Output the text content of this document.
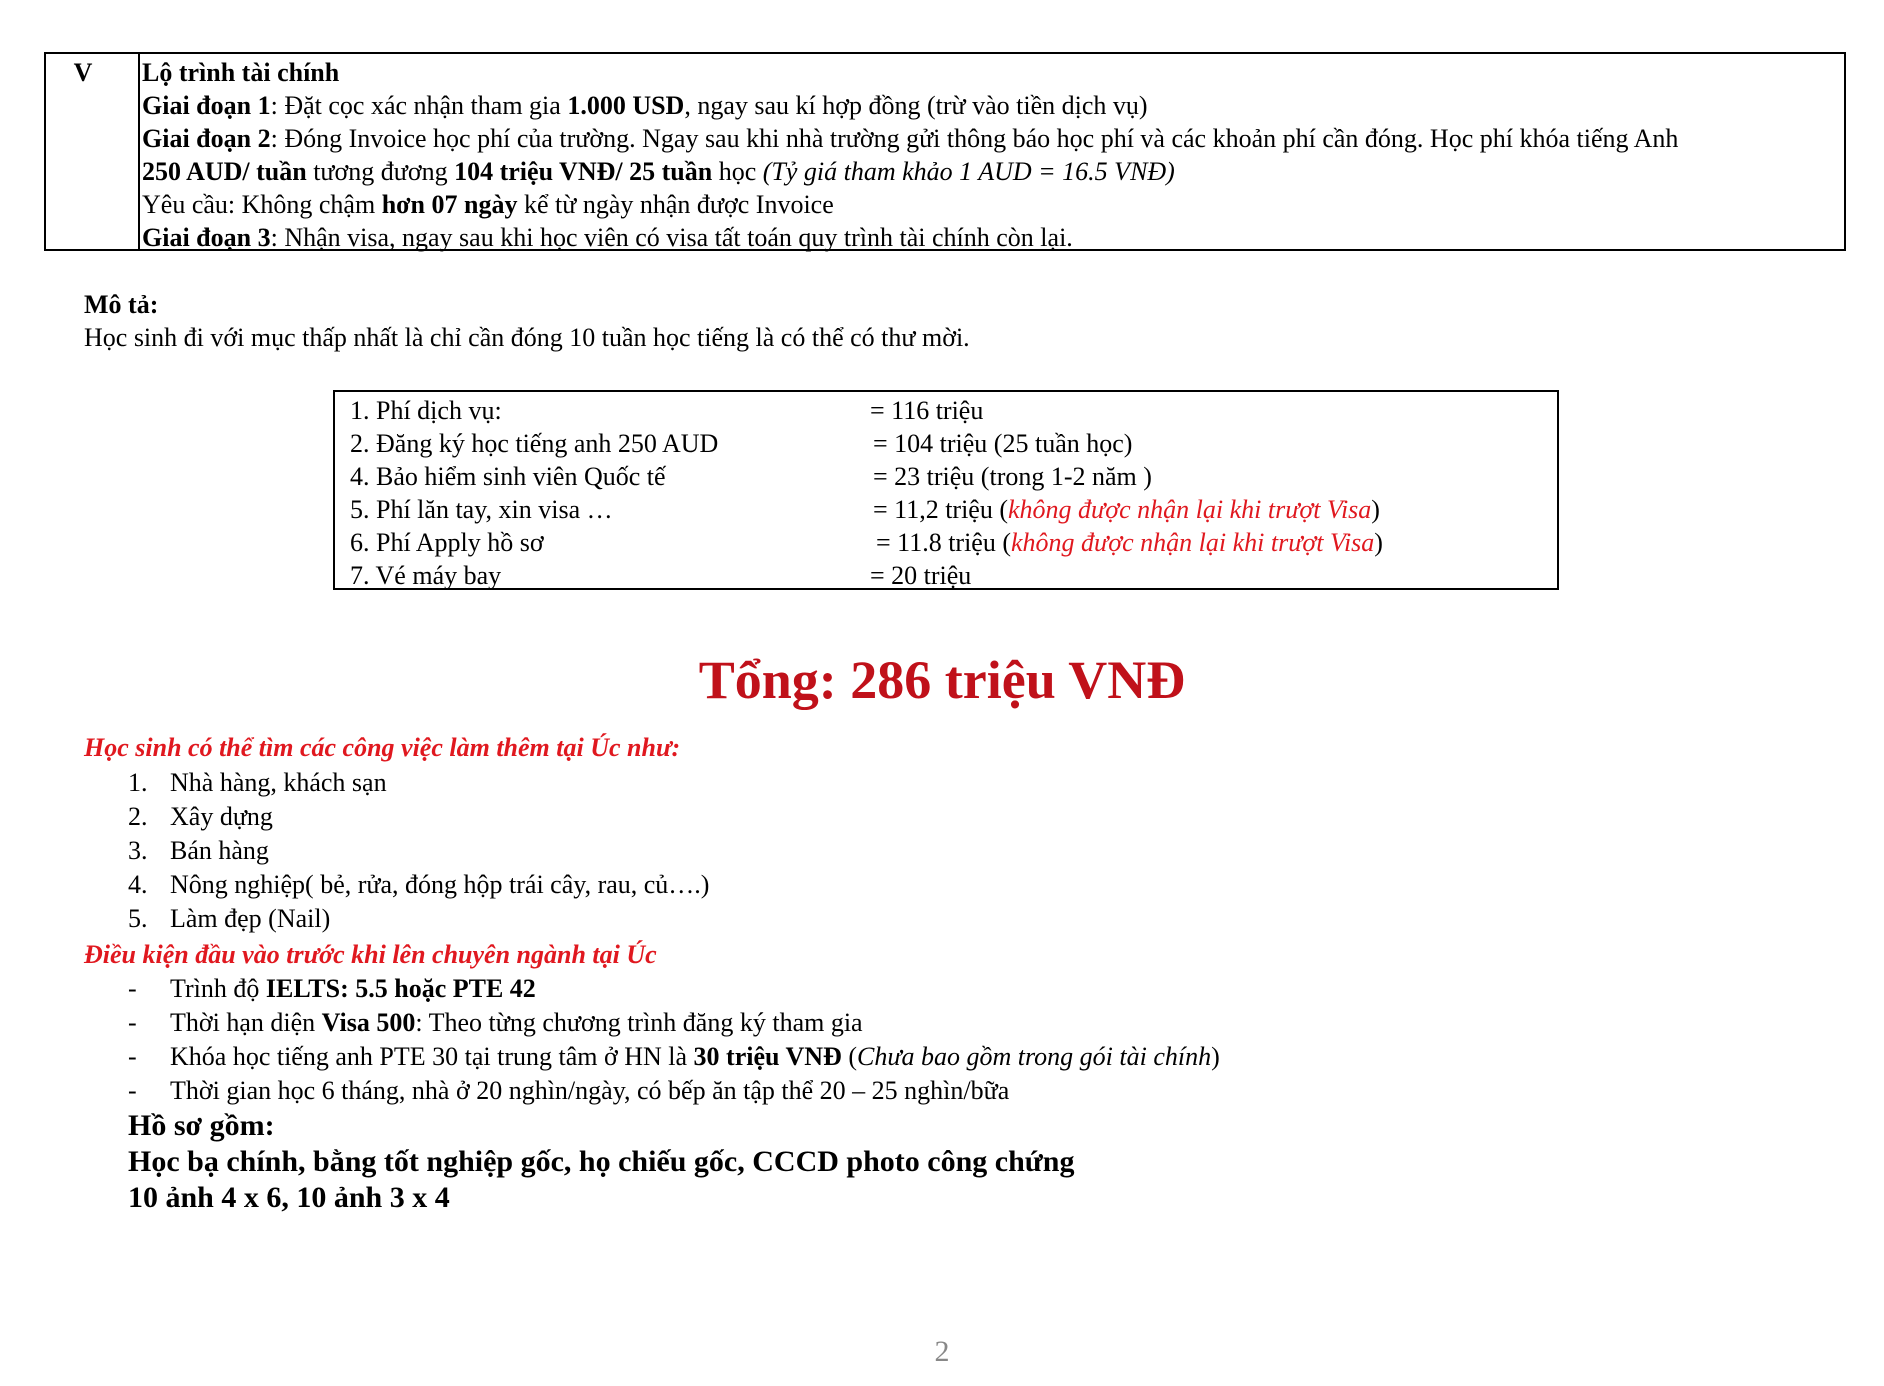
V	Lộ trình tài chính
Giai đoạn 1: Đặt cọc xác nhận tham gia 1.000 USD, ngay sau kí hợp đồng (trừ vào tiền dịch vụ)
Giai đoạn 2: Đóng Invoice học phí của trường. Ngay sau khi nhà trường gửi thông báo học phí và các khoản phí cần đóng. Học phí khóa tiếng Anh
250 AUD/ tuần tương đương 104 triệu VNĐ/ 25 tuần học (Tỷ giá tham khảo 1 AUD = 16.5 VNĐ)
Yêu cầu: Không chậm hơn 07 ngày kể từ ngày nhận được Invoice
Giai đoạn 3: Nhận visa, ngay sau khi học viên có visa tất toán quy trình tài chính còn lại.
Mô tả:
Học sinh đi với mục thấp nhất là chỉ cần đóng 10 tuần học tiếng là có thể có thư mời.
1. Phí dịch vụ:	= 116 triệu
2. Đăng ký học tiếng anh 250 AUD	= 104 triệu (25 tuần học)
4. Bảo hiểm sinh viên Quốc tế	= 23 triệu (trong 1-2 năm )
5. Phí lăn tay, xin visa …	= 11,2 triệu (không được nhận lại khi trượt Visa)
6. Phí Apply hồ sơ	= 11.8 triệu (không được nhận lại khi trượt Visa)
7. Vé máy bay	= 20 triệu
Tổng: 286 triệu VNĐ
Học sinh có thể tìm các công việc làm thêm tại Úc như:
1. Nhà hàng, khách sạn
2. Xây dựng
3. Bán hàng
4. Nông nghiệp( bẻ, rửa, đóng hộp trái cây, rau, củ….)
5. Làm đẹp (Nail)
Điều kiện đầu vào trước khi lên chuyên ngành tại Úc
- Trình độ IELTS: 5.5 hoặc PTE 42
- Thời hạn diện Visa 500: Theo từng chương trình đăng ký tham gia
- Khóa học tiếng anh PTE 30 tại trung tâm ở HN là 30 triệu VNĐ (Chưa bao gồm trong gói tài chính)
- Thời gian học 6 tháng, nhà ở 20 nghìn/ngày, có bếp ăn tập thể 20 – 25 nghìn/bữa
Hồ sơ gồm:
Học bạ chính, bằng tốt nghiệp gốc, họ chiếu gốc, CCCD photo công chứng
10 ảnh 4 x 6, 10 ảnh 3 x 4
2
